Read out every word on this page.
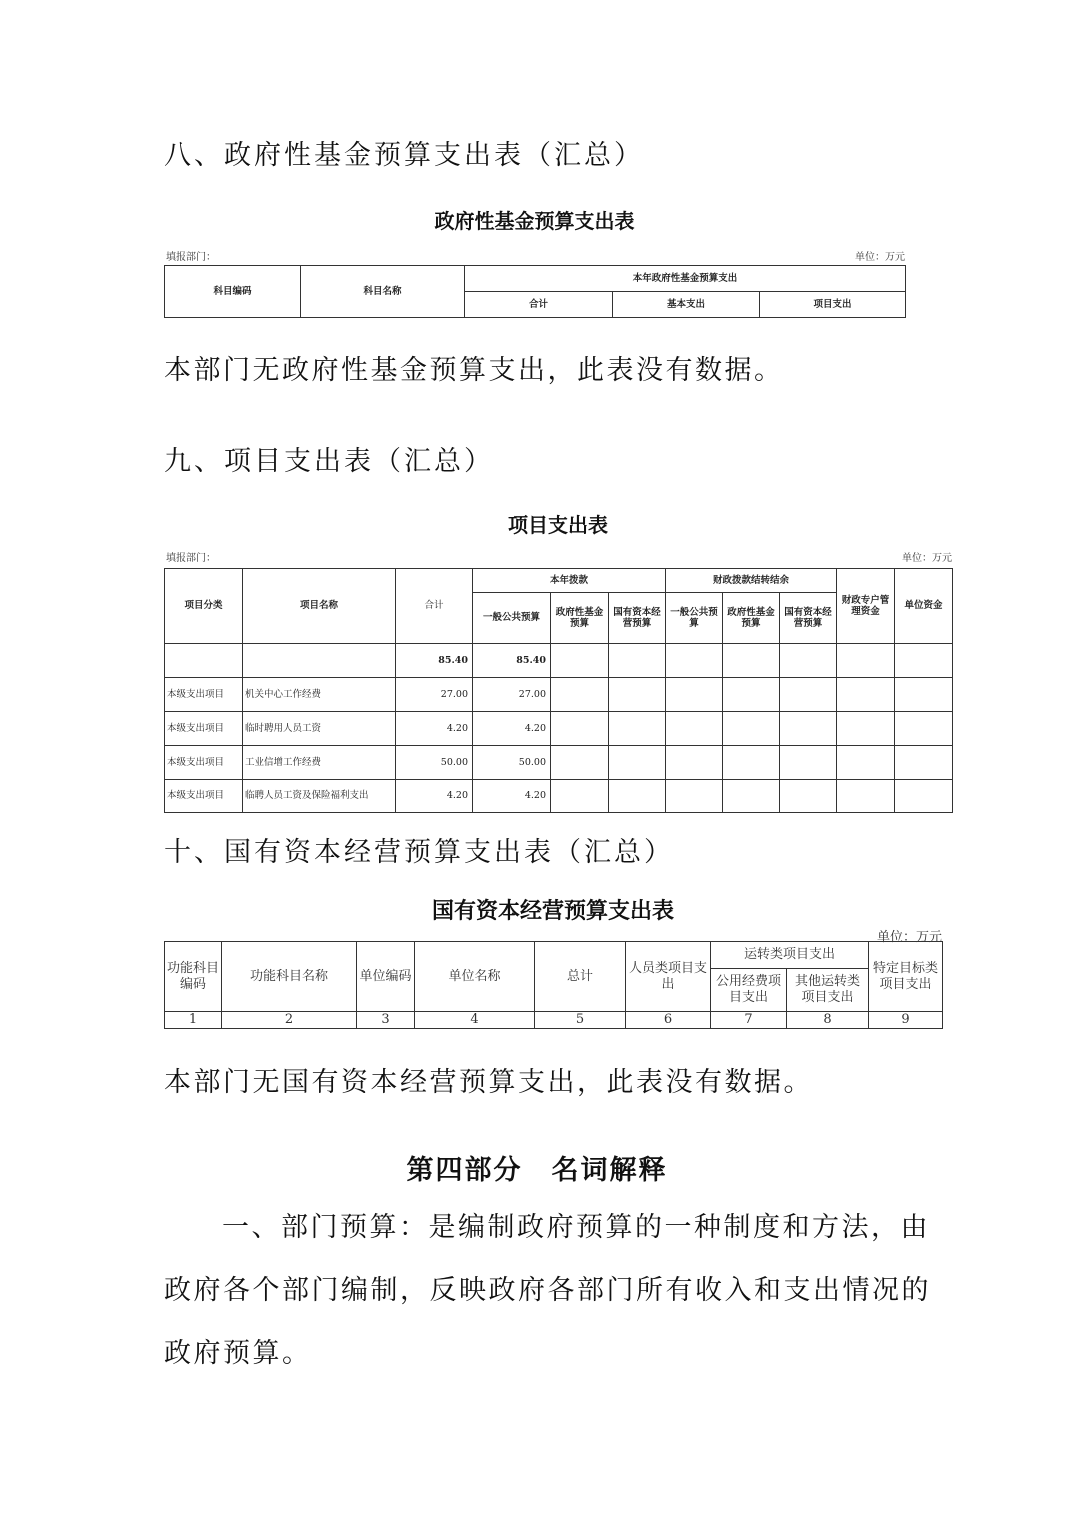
八、政府性基金预算支出表（汇总）
政府性基金预算支出表
填报部门：	单位：万元
科目编码	科目名称	本年政府性基金预算支出		
		合计	基本支出	项目支出
本部门无政府性基金预算支出，此表没有数据。
九、项目支出表（汇总）
项目支出表
填报部门：	单位：万元
项目分类	项目名称	合计	本年拨款			财政拨款结转结余			财政专户管理资金	单位资金
			一般公共预算	政府性基金预算	国有资本经营预算	一般公共预算	政府性基金预算	国有资本经营预算		
		85.40	85.40							
本级支出项目	机关中心工作经费	27.00	27.00							
本级支出项目	临时聘用人员工资	4.20	4.20							
本级支出项目	工业信增工作经费	50.00	50.00							
本级支出项目	临聘人员工资及保险福利支出	4.20	4.20							
十、国有资本经营预算支出表（汇总）
国有资本经营预算支出表
单位：万元
功能科目编码	功能科目名称	单位编码	单位名称	总计	人员类项目支出	运转类项目支出		特定目标类项目支出
						公用经费项目支出	其他运转类项目支出	
1	2	3	4	5	6	7	8	9
本部门无国有资本经营预算支出，此表没有数据。
第四部分　名词解释
一、部门预算：是编制政府预算的一种制度和方法，由
政府各个部门编制，反映政府各部门所有收入和支出情况的
政府预算。
